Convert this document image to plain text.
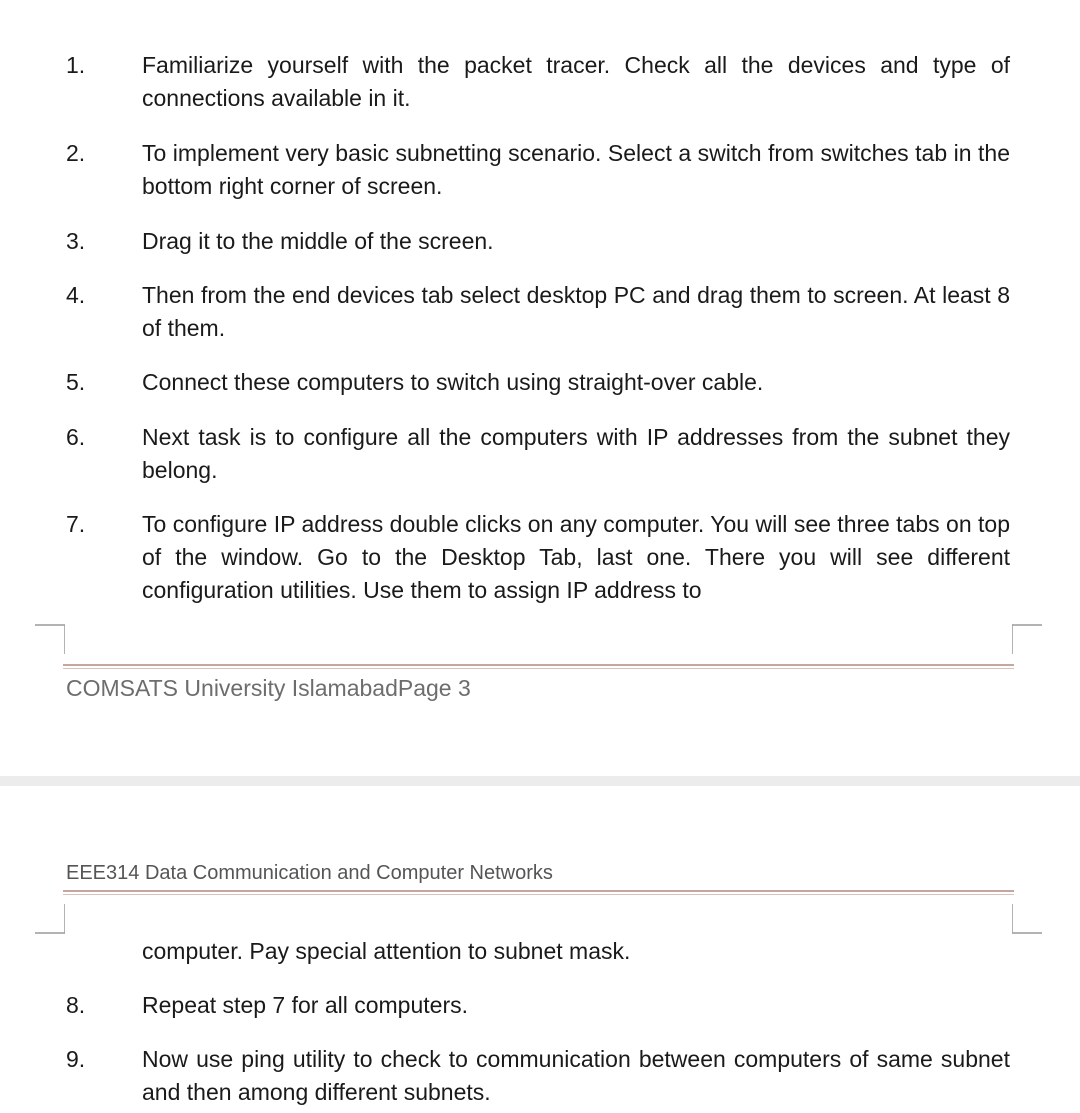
1. Familiarize yourself with the packet tracer. Check all the devices and type of connections available in it.
2. To implement very basic subnetting scenario. Select a switch from switches tab in the bottom right corner of screen.
3. Drag it to the middle of the screen.
4. Then from the end devices tab select desktop PC and drag them to screen. At least 8 of them.
5. Connect these computers to switch using straight-over cable.
6. Next task is to configure all the computers with IP addresses from the subnet they belong.
7. To configure IP address double clicks on any computer. You will see three tabs on top of the window. Go to the Desktop Tab, last one. There you will see different configuration utilities. Use them to assign IP address to
COMSATS University IslamabadPage 3
EEE314 Data Communication and Computer Networks
computer. Pay special attention to subnet mask.
8. Repeat step 7 for all computers.
9. Now use ping utility to check to communication between computers of same subnet and then among different subnets.
